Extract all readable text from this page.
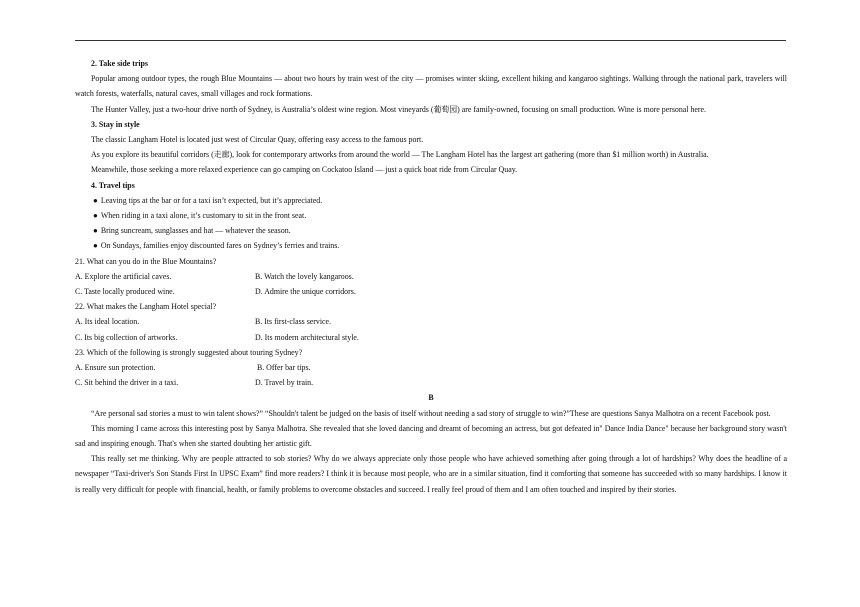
2. Take side trips

Popular among outdoor types, the rough Blue Mountains — about two hours by train west of the city — promises winter skiing, excellent hiking and kangaroo sightings. Walking through the national park, travelers will watch forests, waterfalls, natural caves, small villages and rock formations.

The Hunter Valley, just a two-hour drive north of Sydney, is Australia’s oldest wine region. Most vineyards (葡萄园) are family-owned, focusing on small production. Wine is more personal here.

3. Stay in style

The classic Langham Hotel is located just west of Circular Quay, offering easy access to the famous port.

As you explore its beautiful corridors (走廊), look for contemporary artworks from around the world — The Langham Hotel has the largest art gathering (more than $1 million worth) in Australia.

Meanwhile, those seeking a more relaxed experience can go camping on Cockatoo Island — just a quick boat ride from Circular Quay.

4. Travel tips

● Leaving tips at the bar or for a taxi isn’t expected, but it’s appreciated.

● When riding in a taxi alone, it’s customary to sit in the front seat.

● Bring suncream, sunglasses and hat — whatever the season.

● On Sundays, families enjoy discounted fares on Sydney’s ferries and trains.

21. What can you do in the Blue Mountains?

A. Explore the artificial caves.	B. Watch the lovely kangaroos.
C. Taste locally produced wine.	D. Admire the unique corridors.

22. What makes the Langham Hotel special?

A. Its ideal location.	B. Its first-class service.
C. Its big collection of artworks.	D. Its modern architectural style.

23. Which of the following is strongly suggested about touring Sydney?

A. Ensure sun protection.	B. Offer bar tips.
C. Sit behind the driver in a taxi.	D. Travel by train.

B

“Are personal sad stories a must to win talent shows?” “Shouldn't talent be judged on the basis of itself without needing a sad story of struggle to win?”These are questions Sanya Malhotra on a recent Facebook post.

This morning I came across this interesting post by Sanya Malhotra. She revealed that she loved dancing and dreamt of becoming an actress, but got defeated in" Dance India Dance" because her background story wasn't sad and inspiring enough. That's when she started doubting her artistic gift.

This really set me thinking. Why are people attracted to sob stories? Why do we always appreciate only those people who have achieved something after going through a lot of hardships? Why does the headline of a newspaper “Taxi-driver's Son Stands First In UPSC Exam” find more readers? I think it is because most people, who are in a similar situation, find it comforting that someone has succeeded with so many hardships. I know it is really very difficult for people with financial, health, or family problems to overcome obstacles and succeed. I really feel proud of them and I am often touched and inspired by their stories.
